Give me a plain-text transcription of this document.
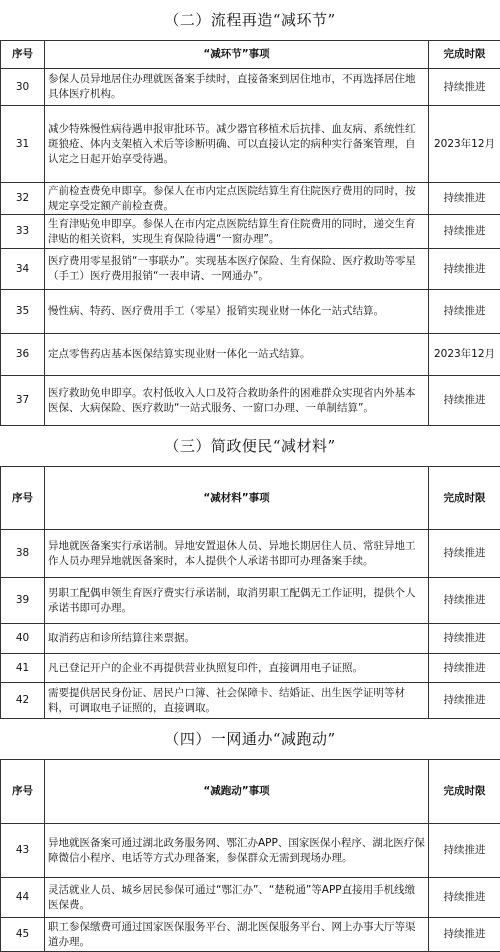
（二）流程再造“减环节”
序号	“减环节”事项	完成时限
30	参保人员异地居住办理就医备案手续时，直接备案到居住地市，不再选择居住地具体医疗机构。	持续推进
31	减少特殊慢性病待遇申报审批环节。减少器官移植术后抗排、血友病、系统性红斑狼疮、体内支架植入术后等诊断明确、可以直接认定的病种实行备案管理，自认定之日起开始享受待遇。	2023年12月
32	产前检查费免申即享。参保人在市内定点医院结算生育住院医疗费用的同时，按规定享受定额产前检查费。	持续推进
33	生育津贴免申即享。参保人在市内定点医院结算生育住院费用的同时，递交生育津贴的相关资料，实现生育保险待遇“一窗办理”。	持续推进
34	医疗费用零星报销“一事联办”。实现基本医疗保险、生育保险、医疗救助等零星（手工）医疗费用报销“一表申请、一网通办”。	持续推进
35	慢性病、特药、医疗费用手工（零星）报销实现业财一体化一站式结算。	持续推进
36	定点零售药店基本医保结算实现业财一体化一站式结算。	2023年12月
37	医疗救助免申即享。农村低收入人口及符合救助条件的困难群众实现省内外基本医保、大病保险、医疗救助“一站式服务、一窗口办理、一单制结算”。	持续推进
（三）简政便民“减材料”
序号	“减材料”事项	完成时限
38	异地就医备案实行承诺制。异地安置退休人员、异地长期居住人员、常驻异地工作人员办理异地就医备案时，本人提供个人承诺书即可办理备案手续。	持续推进
39	男职工配偶申领生育医疗费实行承诺制，取消男职工配偶无工作证明，提供个人承诺书即可办理。	持续推进
40	取消药店和诊所结算往来票据。	持续推进
41	凡已登记开户的企业不再提供营业执照复印件，直接调用电子证照。	持续推进
42	需要提供居民身份证、居民户口簿、社会保障卡、结婚证、出生医学证明等材料，可调取电子证照的，直接调取。	持续推进
（四）一网通办“减跑动”
序号	“减跑动”事项	完成时限
43	异地就医备案可通过湖北政务服务网、鄂汇办APP、国家医保小程序、湖北医疗保障微信小程序、电话等方式办理备案，参保群众无需到现场办理。	持续推进
44	灵活就业人员、城乡居民参保可通过“鄂汇办”、“楚税通”等APP直接用手机线缴医保费。	持续推进
45	职工参保缴费可通过国家医保服务平台、湖北医保服务平台、网上办事大厅等渠道办理。	持续推进
